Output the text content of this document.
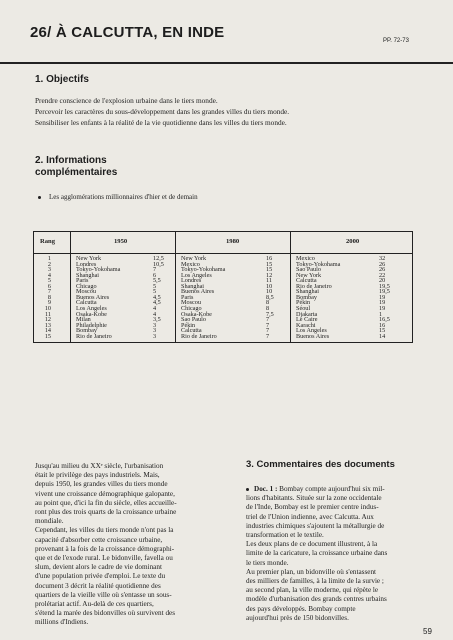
26/ À CALCUTTA, EN INDE	PP. 72-73
1. Objectifs
Prendre conscience de l'explosion urbaine dans le tiers monde.
Percevoir les caractères du sous-développement dans les grandes villes du tiers monde.
Sensibiliser les enfants à la réalité de la vie quotidienne dans les villes du tiers monde.
2. Informations
complémentaires
Les agglomérations millionnaires d'hier et de demain
Rang	1950	1980	2000
1	New York	12,5	New York	16	Mexico	32
2	Londres	10,5	Mexico	15	Tokyo-Yokohama	26
3	Tokyo-Yokohama	7	Tokyo-Yokohama	15	Sao Paulo	26
4	Shanghai	6	Los Angeles	12	New York	22
5	Paris	5,5	Londres	11	Calcutta	20
6	Chicago	5	Shanghai	10	Rio de Janeiro	19,5
7	Moscou	5	Buenos Aires	10	Shanghai	19,5
8	Buenos Aires	4,5	Paris	8,5	Bombay	19
9	Calcutta	4,5	Moscou	8	Pékin	19
10	Los Angeles	4	Chicago	8	Séoul	19
11	Osaka-Kobe	4	Osaka-Kobe	7,5	Djakarta	1
12	Milan	3,5	Sao Paulo	7	Le Caire	16,5
13	Philadelphie	3	Pékin	7	Karachi	16
14	Bombay	3	Calcutta	7	Los Angeles	15
15	Rio de Janeiro	3	Rio de Janeiro	7	Buenos Aires	14
Jusqu'au milieu du XXᵉ siècle, l'urbanisation
était le privilège des pays industriels. Mais,
depuis 1950, les grandes villes du tiers monde
vivent une croissance démographique galopante,
au point que, d'ici la fin du siècle, elles accueille-
ront plus des trois quarts de la croissance urbaine
mondiale.
Cependant, les villes du tiers monde n'ont pas la
capacité d'absorber cette croissance urbaine,
provenant à la fois de la croissance démographi-
que et de l'exode rural. Le bidonville, favella ou
slum, devient alors le cadre de vie dominant
d'une population privée d'emploi. Le texte du
document 3 décrit la réalité quotidienne des
quartiers de la vieille ville où s'entasse un sous-
prolétariat actif. Au-delà de ces quartiers,
s'étend la marée des bidonvilles où survivent des
millions d'Indiens.
3. Commentaires des documents
Doc. 1 : Bombay compte aujourd'hui six mil-
lions d'habitants. Située sur la zone occidentale
de l'Inde, Bombay est le premier centre indus-
triel de l'Union indienne, avec Calcutta. Aux
industries chimiques s'ajoutent la métallurgie de
transformation et le textile.
Les deux plans de ce document illustrent, à la
limite de la caricature, la croissance urbaine dans
le tiers monde.
Au premier plan, un bidonville où s'entassent
des milliers de familles, à la limite de la survie ;
au second plan, la ville moderne, qui répète le
modèle d'urbanisation des grands centres urbains
des pays développés. Bombay compte
aujourd'hui près de 150 bidonvilles.
59
